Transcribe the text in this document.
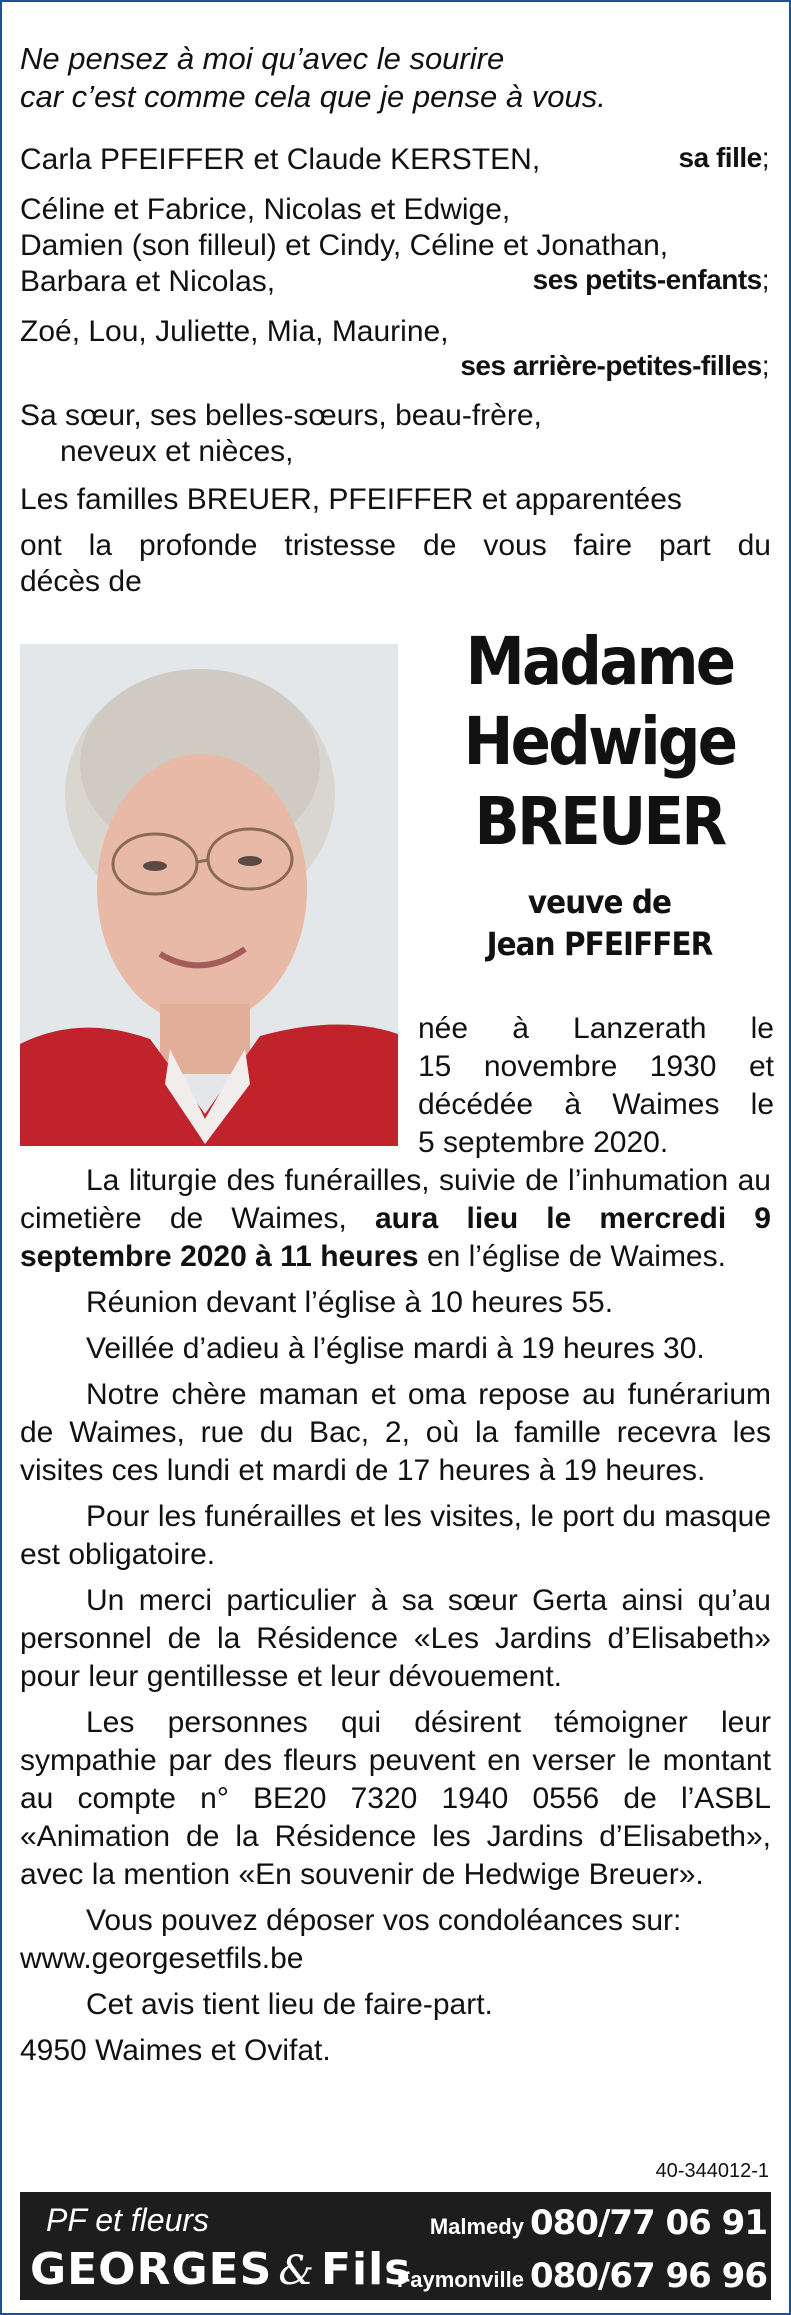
Ne pensez à moi qu’avec le sourire
car c’est comme cela que je pense à vous.
Carla PFEIFFER et Claude KERSTEN,	sa fille;
Céline et Fabrice, Nicolas et Edwige,
Damien (son filleul) et Cindy, Céline et Jonathan,
Barbara et Nicolas,	ses petits-enfants;
Zoé, Lou, Juliette, Mia, Maurine,
ses arrière-petites-filles;
Sa sœur, ses belles-sœurs, beau-frère,
neveux et nièces,
Les familles BREUER, PFEIFFER et apparentées
ont la profonde tristesse de vous faire part du
décès de
Madame
Hedwige
BREUER
veuve de
Jean PFEIFFER
née à Lanzerath le
15 novembre 1930 et
décédée à Waimes le
5 septembre 2020.

La liturgie des funérailles, suivie de l’inhumation au cimetière de Waimes, aura lieu le mercredi 9 septembre 2020 à 11 heures en l’église de Waimes.

Réunion devant l’église à 10 heures 55.

Veillée d’adieu à l’église mardi à 19 heures 30.

Notre chère maman et oma repose au funérarium de Waimes, rue du Bac, 2, où la famille recevra les visites ces lundi et mardi de 17 heures à 19 heures.

Pour les funérailles et les visites, le port du masque est obligatoire.

Un merci particulier à sa sœur Gerta ainsi qu’au personnel de la Résidence «Les Jardins d’Elisabeth» pour leur gentillesse et leur dévouement.

Les personnes qui désirent témoigner leur sympathie par des fleurs peuvent en verser le montant au compte n° BE20 7320 1940 0556 de l’ASBL «Animation de la Résidence les Jardins d’Elisabeth», avec la mention «En souvenir de Hedwige Breuer».

Vous pouvez déposer vos condoléances sur:

www.georgesetfils.be

Cet avis tient lieu de faire-part.

4950 Waimes et Ovifat.

40-344012-1
PF et fleurs
GEORGES & Fils
Malmedy 080/77 06 91
Faymonville 080/67 96 96
